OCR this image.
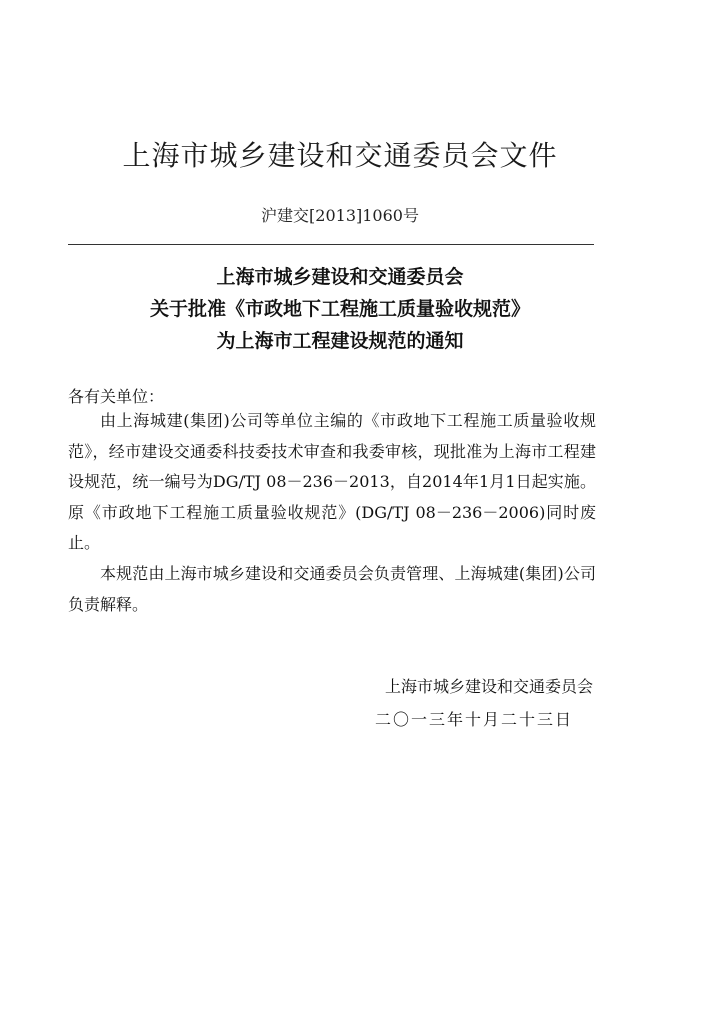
上海市城乡建设和交通委员会文件
沪建交[2013]1060号
上海市城乡建设和交通委员会
关于批准《市政地下工程施工质量验收规范》
为上海市工程建设规范的通知
各有关单位：
由上海城建(集团)公司等单位主编的《市政地下工程施工质量验收规范》，经市建设交通委科技委技术审查和我委审核，现批准为上海市工程建设规范，统一编号为DG/TJ 08－236－2013，自2014年1月1日起实施。原《市政地下工程施工质量验收规范》(DG/TJ 08－236－2006)同时废止。
本规范由上海市城乡建设和交通委员会负责管理、上海城建(集团)公司负责解释。
上海市城乡建设和交通委员会
二〇一三年十月二十三日
